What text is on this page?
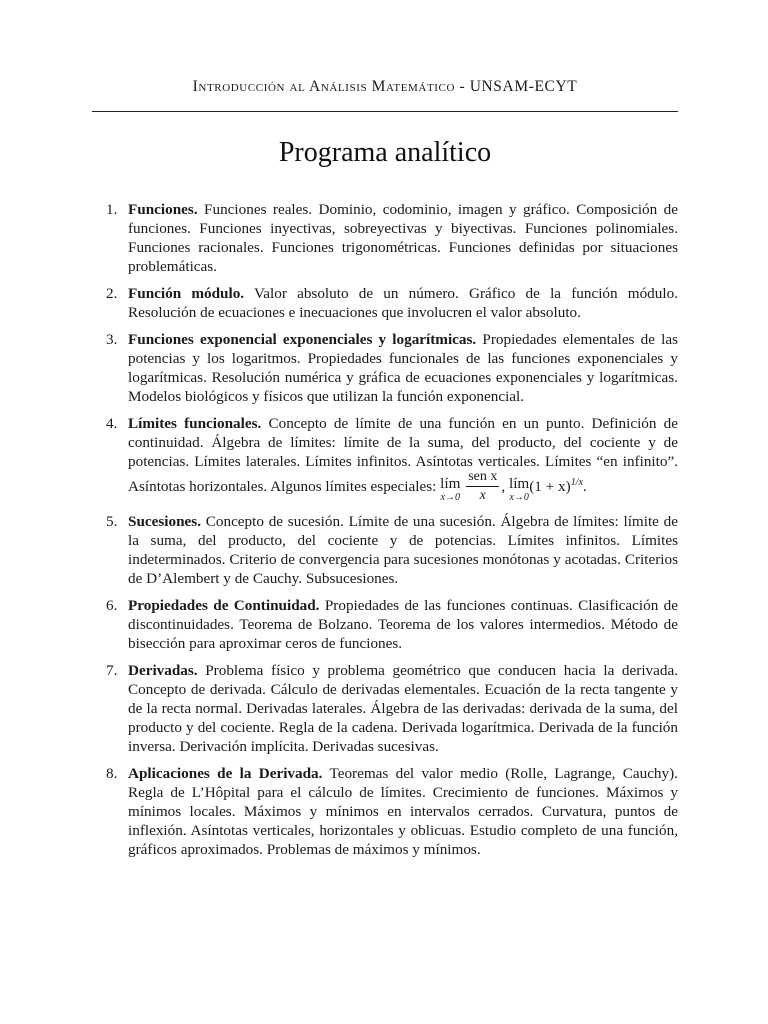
Introducción al Análisis Matemático - UNSAM-ECYT
Programa analítico
1. Funciones. Funciones reales. Dominio, codominio, imagen y gráfico. Composición de funciones. Funciones inyectivas, sobreyectivas y biyectivas. Funciones polinomiales. Funciones racionales. Funciones trigonométricas. Funciones definidas por situaciones problemáticas.
2. Función módulo. Valor absoluto de un número. Gráfico de la función módulo. Resolución de ecuaciones e inecuaciones que involucren el valor absoluto.
3. Funciones exponencial exponenciales y logarítmicas. Propiedades elementales de las potencias y los logaritmos. Propiedades funcionales de las funciones exponenciales y logarítmicas. Resolución numérica y gráfica de ecuaciones exponenciales y logarítmicas. Modelos biológicos y físicos que utilizan la función exponencial.
4. Límites funcionales. Concepto de límite de una función en un punto. Definición de continuidad. Álgebra de límites: límite de la suma, del producto, del cociente y de potencias. Límites laterales. Límites infinitos. Asíntotas verticales. Límites “en infinito”. Asíntotas horizontales. Algunos límites especiales: lím
x→0
$\frac{\text{sen x}}{x}$ , lím
x→0
$(1 + x)^{1/x}$.
5. Sucesiones. Concepto de sucesión. Límite de una sucesión. Álgebra de límites: límite de la suma, del producto, del cociente y de potencias. Límites infinitos. Límites indeterminados. Criterio de convergencia para sucesiones monótonas y acotadas. Criterios de D’Alembert y de Cauchy. Subsucesiones.
6. Propiedades de Continuidad. Propiedades de las funciones continuas. Clasificación de discontinuidades. Teorema de Bolzano. Teorema de los valores intermedios. Método de bisección para aproximar ceros de funciones.
7. Derivadas. Problema físico y problema geométrico que conducen hacia la derivada. Concepto de derivada. Cálculo de derivadas elementales. Ecuación de la recta tangente y de la recta normal. Derivadas laterales. Álgebra de las derivadas: derivada de la suma, del producto y del cociente. Regla de la cadena. Derivada logarítmica. Derivada de la función inversa. Derivación implícita. Derivadas sucesivas.
8. Aplicaciones de la Derivada. Teoremas del valor medio (Rolle, Lagrange, Cauchy). Regla de L’Hôpital para el cálculo de límites. Crecimiento de funciones. Máximos y mínimos locales. Máximos y mínimos en intervalos cerrados. Curvatura, puntos de inflexión. Asíntotas verticales, horizontales y oblicuas. Estudio completo de una función, gráficos aproximados. Problemas de máximos y mínimos.
